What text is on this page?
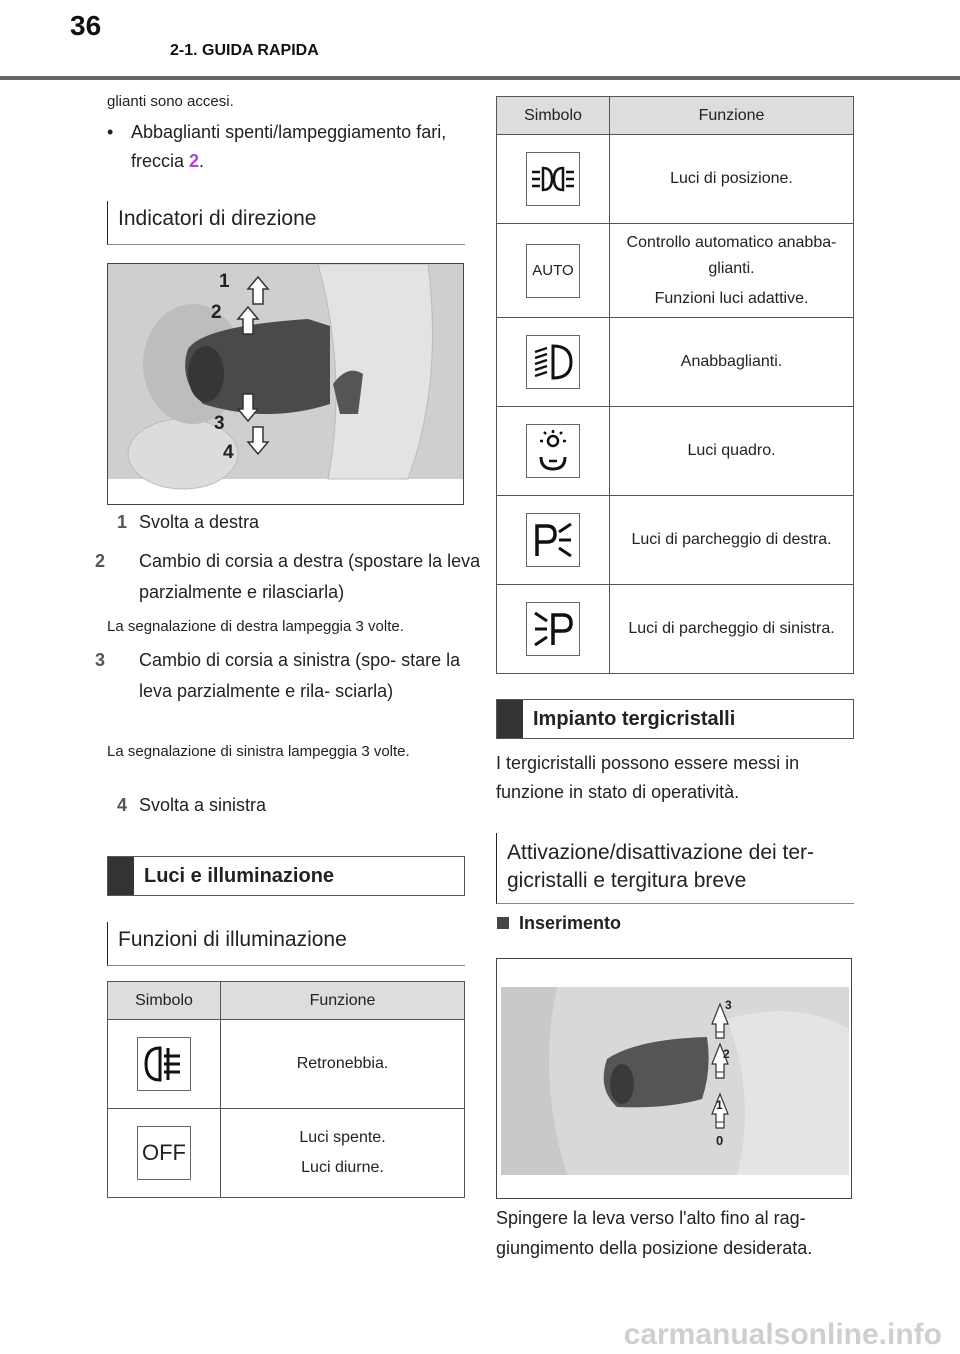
36
2-1. GUIDA RAPIDA
glianti sono accesi.
• Abbaglianti spenti/lampeggiamento fari, freccia 2.
Indicatori di direzione
1
2
3
4
1 Svolta a destra
2 Cambio di corsia a destra (spostare la leva parzialmente e rilasciarla)
La segnalazione di destra lampeggia 3 volte.
3 Cambio di corsia a sinistra (spo- stare la leva parzialmente e rila- sciarla)
La segnalazione di sinistra lampeggia 3 volte.
4 Svolta a sinistra
Luci e illuminazione
Funzioni di illuminazione
Simbolo	Funzione

Retronebbia.

OFF	Luci spente.
Luci diurne.
Simbolo	Funzione

Luci di posizione.

AUTO	Controllo automatico anabba-
glianti.
Funzioni luci adattive.

Anabbaglianti.

Luci quadro.

Luci di parcheggio di destra.

Luci di parcheggio di sinistra.
Impianto tergicristalli
I tergicristalli possono essere messi in funzione in stato di operatività.
Attivazione/disattivazione dei ter- gicristalli e tergitura breve
Inserimento
3
2
1
0
Spingere la leva verso l'alto fino al rag- giungimento della posizione desiderata.
carmanualsonline.info
